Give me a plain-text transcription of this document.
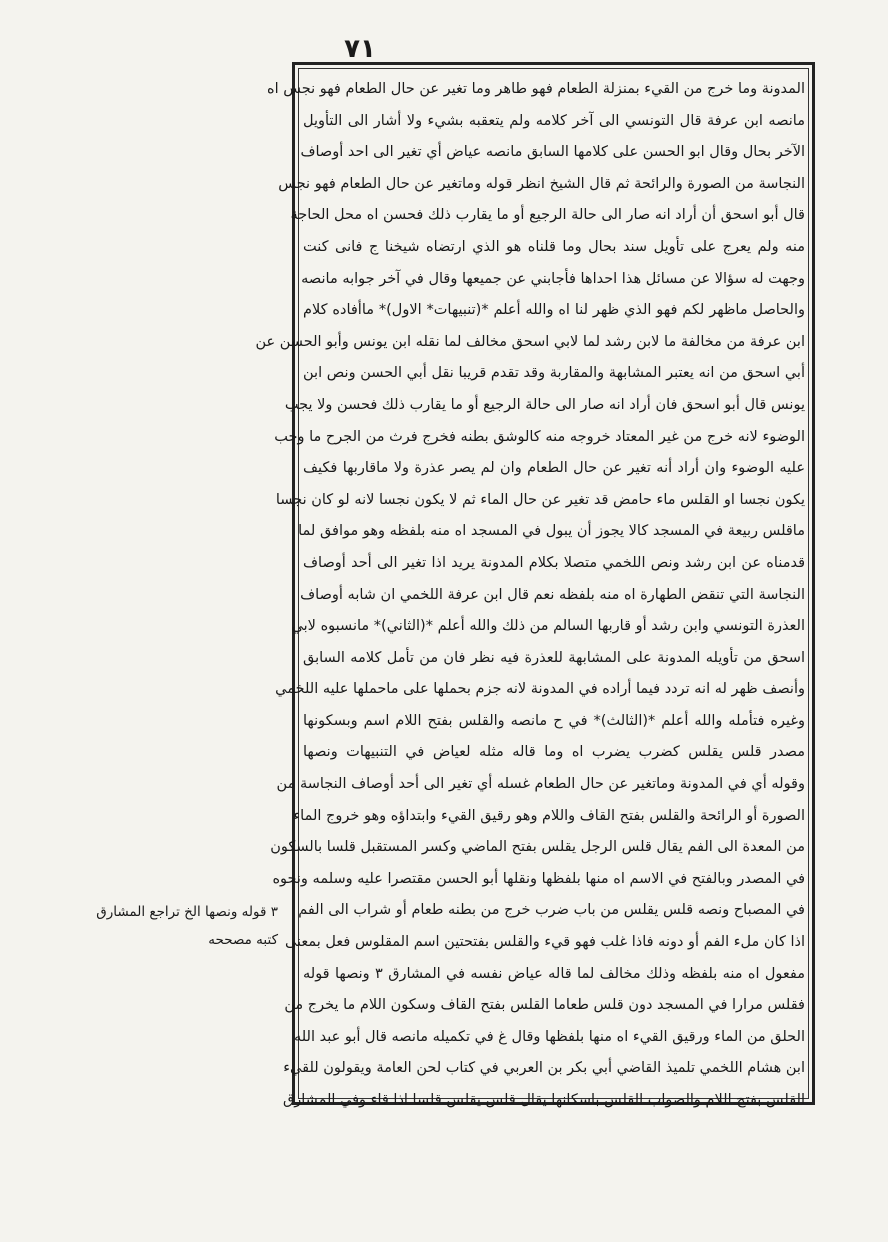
٧١
المدونة وما خرج من القيء بمنزلة الطعام فهو طاهر وما تغير عن حال الطعام فهو نجس اه
مانصه ابن عرفة قال التونسي الى آخر كلامه ولم يتعقبه بشيء ولا أشار الى التأويل
الآخر بحال وقال ابو الحسن على كلامها السابق مانصه عياض أي تغير الى احد أوصاف
النجاسة من الصورة والرائحة ثم قال الشيخ انظر قوله وماتغير عن حال الطعام فهو نجس
قال أبو اسحق أن أراد انه صار الى حالة الرجيع أو ما يقارب ذلك فحسن اه محل الحاجة
منه ولم يعرج على تأويل سند بحال وما قلناه هو الذي ارتضاه شيخنا ج فانى كنت
وجهت له سؤالا عن مسائل هذا احداها فأجابني عن جميعها وقال في آخر جوابه مانصه
والحاصل ماظهر لكم فهو الذي ظهر لنا اه والله أعلم *(تنبيهات* الاول)* ماأفاده كلام
ابن عرفة من مخالفة ما لابن رشد لما لابي اسحق مخالف لما نقله ابن يونس وأبو الحسن عن
أبي اسحق من انه يعتبر المشابهة والمقاربة وقد تقدم قريبا نقل أبي الحسن ونص ابن
يونس قال أبو اسحق فان أراد انه صار الى حالة الرجيع أو ما يقارب ذلك فحسن ولا يجب
الوضوء لانه خرج من غير المعتاد خروجه منه كالوشق بطنه فخرج فرث من الجرح ما وجب
عليه الوضوء وان أراد أنه تغير عن حال الطعام وان لم يصر عذرة ولا ماقاربها فكيف
يكون نجسا او القلس ماء حامض قد تغير عن حال الماء ثم لا يكون نجسا لانه لو كان نجسا
ماقلس ربيعة في المسجد كالا يجوز أن يبول في المسجد اه منه بلفظه وهو موافق لما
قدمناه عن ابن رشد ونص اللخمي متصلا بكلام المدونة يريد اذا تغير الى أحد أوصاف
النجاسة التي تنقض الطهارة اه منه بلفظه نعم قال ابن عرفة اللخمي ان شابه أوصاف
العذرة التونسي وابن رشد أو قاربها السالم من ذلك والله أعلم *(الثاني)* مانسبوه لابي
اسحق من تأويله المدونة على المشابهة للعذرة فيه نظر فان من تأمل كلامه السابق
وأنصف ظهر له انه تردد فيما أراده في المدونة لانه جزم بحملها على ماحملها عليه اللخمي
وغيره فتأمله والله أعلم *(الثالث)* في ح مانصه والقلس بفتح اللام اسم وبسكونها
مصدر قلس يقلس كضرب يضرب اه وما قاله مثله لعياض في التنبيهات ونصها
وقوله أي في المدونة وماتغير عن حال الطعام غسله أي تغير الى أحد أوصاف النجاسة من
الصورة أو الرائحة والقلس بفتح القاف واللام وهو رقيق القيء وابتداؤه وهو خروج الماء
من المعدة الى الفم يقال قلس الرجل يقلس بفتح الماضي وكسر المستقبل قلسا بالسكون
في المصدر وبالفتح في الاسم اه منها بلفظها ونقلها أبو الحسن مقتصرا عليه وسلمه ونحوه
في المصباح ونصه قلس يقلس من باب ضرب خرج من بطنه طعام أو شراب الى الفم
اذا كان ملء الفم أو دونه فاذا غلب فهو قيء والقلس بفتحتين اسم المقلوس فعل بمعنى
مفعول اه منه بلفظه وذلك مخالف لما قاله عياض نفسه في المشارق ٣ ونصها قوله
فقلس مرارا في المسجد دون قلس طعاما القلس بفتح القاف وسكون اللام ما يخرج من
الحلق من الماء ورقيق القيء اه منها بلفظها وقال غ في تكميله مانصه قال أبو عبد الله
ابن هشام اللخمي تلميذ القاضي أبي بكر بن العربي في كتاب لحن العامة ويقولون للقيء
القلس بفتح اللام والصواب القلس باسكانها يقال قلس يقلس قلسا اذا قاء وفي المشارق
٣ قوله ونصها الخ تراجع المشارق
كتبه مصححه
